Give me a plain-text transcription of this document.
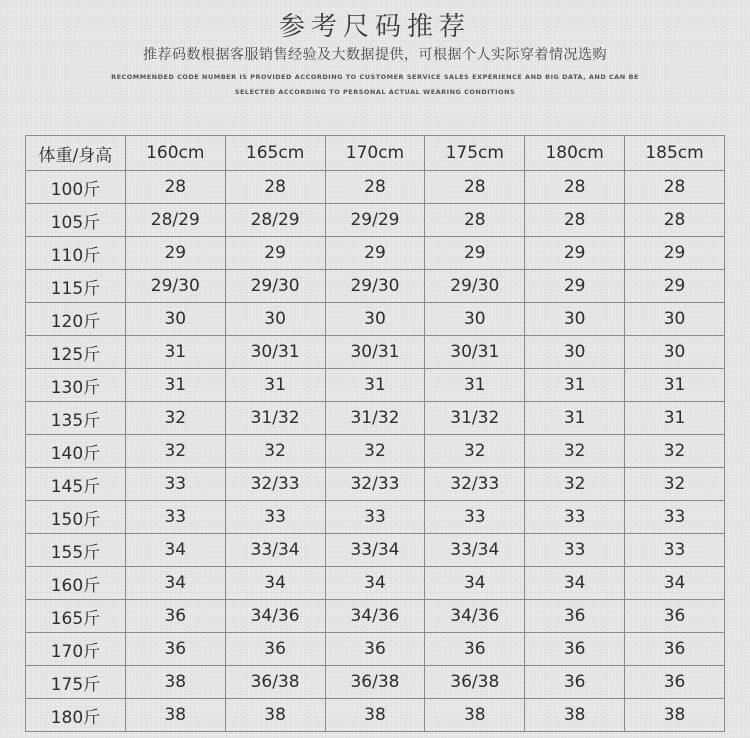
参考尺码推荐
推荐码数根据客服销售经验及大数据提供，可根据个人实际穿着情况选购
RECOMMENDED CODE NUMBER IS PROVIDED ACCORDING TO CUSTOMER SERVICE SALES EXPERIENCE AND BIG DATA, AND CAN BE
SELECTED ACCORDING TO PERSONAL ACTUAL WEARING CONDITIONS
体重/身高	160cm	165cm	170cm	175cm	180cm	185cm
100斤	28	28	28	28	28	28
105斤	28/29	28/29	29/29	28	28	28
110斤	29	29	29	29	29	29
115斤	29/30	29/30	29/30	29/30	29	29
120斤	30	30	30	30	30	30
125斤	31	30/31	30/31	30/31	30	30
130斤	31	31	31	31	31	31
135斤	32	31/32	31/32	31/32	31	31
140斤	32	32	32	32	32	32
145斤	33	32/33	32/33	32/33	32	32
150斤	33	33	33	33	33	33
155斤	34	33/34	33/34	33/34	33	33
160斤	34	34	34	34	34	34
165斤	36	34/36	34/36	34/36	36	36
170斤	36	36	36	36	36	36
175斤	38	36/38	36/38	36/38	36	36
180斤	38	38	38	38	38	38
